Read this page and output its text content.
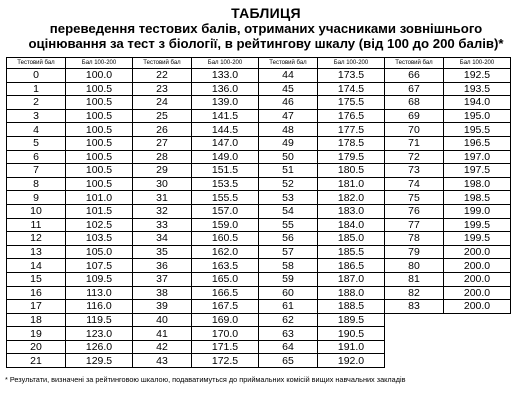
ТАБЛИЦЯ
переведення тестових балів, отриманих учасниками зовнішнього
оцінювання за тест з біології, в рейтингову шкалу (від 100 до 200 балів)*
Тестовий бал	Бал 100-200	Тестовий бал	Бал 100-200	Тестовий бал	Бал 100-200	Тестовий бал	Бал 100-200
0	100.0	22	133.0	44	173.5	66	192.5
1	100.5	23	136.0	45	174.5	67	193.5
2	100.5	24	139.0	46	175.5	68	194.0
3	100.5	25	141.5	47	176.5	69	195.0
4	100.5	26	144.5	48	177.5	70	195.5
5	100.5	27	147.0	49	178.5	71	196.5
6	100.5	28	149.0	50	179.5	72	197.0
7	100.5	29	151.5	51	180.5	73	197.5
8	100.5	30	153.5	52	181.0	74	198.0
9	101.0	31	155.5	53	182.0	75	198.5
10	101.5	32	157.0	54	183.0	76	199.0
11	102.5	33	159.0	55	184.0	77	199.5
12	103.5	34	160.5	56	185.0	78	199.5
13	105.0	35	162.0	57	185.5	79	200.0
14	107.5	36	163.5	58	186.5	80	200.0
15	109.5	37	165.0	59	187.0	81	200.0
16	113.0	38	166.5	60	188.0	82	200.0
17	116.0	39	167.5	61	188.5	83	200.0
18	119.5	40	169.0	62	189.5		
19	123.0	41	170.0	63	190.5		
20	126.0	42	171.5	64	191.0		
21	129.5	43	172.5	65	192.0		
* Результати, визначені за рейтинговою шкалою, подаватимуться до приймальних комісій вищих навчальних закладів
